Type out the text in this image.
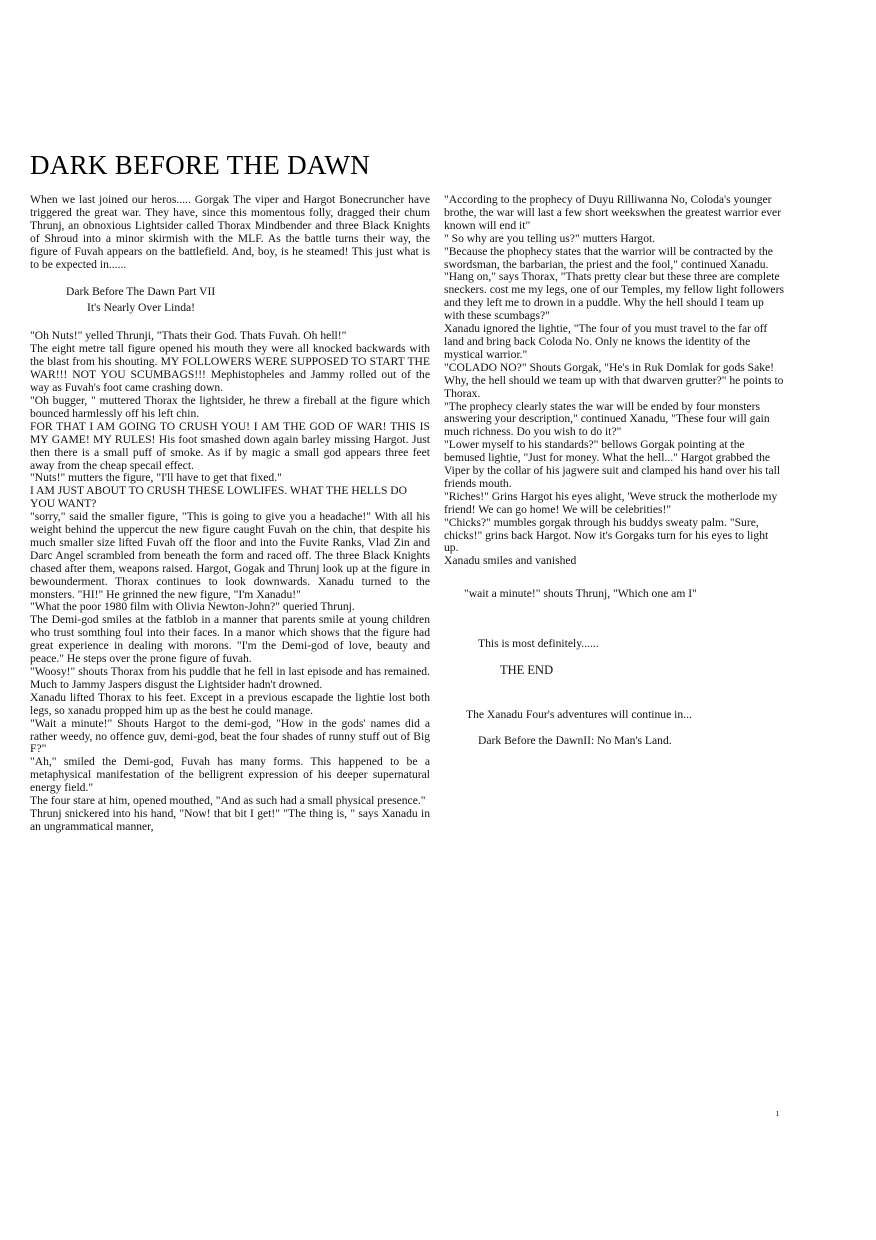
DARK BEFORE THE DAWN

When we last joined our heros..... Gorgak The viper and Hargot Bonecruncher have triggered the great war. They have, since this momentous folly, dragged their chum Thrunj, an obnoxious Lightsider called Thorax Mindbender and three Black Knights of Shroud into a minor skirmish with the MLF. As the battle turns their way, the figure of Fuvah appears on the battlefield. And, boy, is he steamed! This just what is to be expected in......

Dark Before The Dawn Part VII
It's Nearly Over Linda!

"Oh Nuts!" yelled Thrunji, "Thats their God. Thats Fuvah. Oh hell!"

The eight metre tall figure opened his mouth they were all knocked backwards with the blast from his shouting. MY FOLLOWERS WERE SUPPOSED TO START THE WAR!!! NOT YOU SCUMBAGS!!! Mephistopheles and Jammy rolled out of the way as Fuvah's foot came crashing down.

"Oh bugger, " muttered Thorax the lightsider, he threw a fireball at the figure which bounced harmlessly off his left chin.

FOR THAT I AM GOING TO CRUSH YOU! I AM THE GOD OF WAR! THIS IS MY GAME! MY RULES! His foot smashed down again barley missing Hargot. Just then there is a small puff of smoke. As if by magic a small god appears three feet away from the cheap specail effect.

"Nuts!" mutters the figure, "I'll have to get that fixed."

I AM JUST ABOUT TO CRUSH THESE LOWLIFES. WHAT THE HELLS DO YOU WANT?

"sorry," said the smaller figure, "This is going to give you a headache!" With all his weight behind the uppercut the new figure caught Fuvah on the chin, that despite his much smaller size lifted Fuvah off the floor and into the Fuvite Ranks, Vlad Zin and Darc Angel scrambled from beneath the form and raced off. The three Black Knights chased after them, weapons raised. Hargot, Gogak and Thrunj look up at the figure in bewounderment. Thorax continues to look downwards. Xanadu turned to the monsters. "HI!" He grinned the new figure, "I'm Xanadu!"

"What the poor 1980 film with Olivia Newton-John?" queried Thrunj.

The Demi-god smiles at the fatblob in a manner that parents smile at young children who trust somthing foul into their faces. In a manor which shows that the figure had great experience in dealing with morons. "I'm the Demi-god of love, beauty and peace." He steps over the prone figure of fuvah.

"Woosy!" shouts Thorax from his puddle that he fell in last episode and has remained. Much to Jammy Jaspers disgust the Lightsider hadn't drowned.

Xanadu lifted Thorax to his feet. Except in a previous escapade the lightie lost both legs, so xanadu propped him up as the best he could manage.

"Wait a minute!" Shouts Hargot to the demi-god, "How in the gods' names did a rather weedy, no offence guv, demi-god, beat the four shades of runny stuff out of Big F?"

"Ah," smiled the Demi-god, Fuvah has many forms. This happened to be a metaphysical manifestation of the belligrent expression of his deeper supernatural energy field."

The four stare at him, opened mouthed, "And as such had a small physical presence."

Thrunj snickered into his hand, "Now! that bit I get!" "The thing is, " says Xanadu in an ungrammatical manner,

"According to the prophecy of Duyu Rilliwanna No, Coloda's younger brothe, the war will last a few short weekswhen the greatest warrior ever known will end it"

" So why are you telling us?" mutters Hargot.

"Because the phophecy states that the warrior will be contracted by the swordsman, the barbarian, the priest and the fool," continued Xanadu.

"Hang on," says Thorax, "Thats pretty clear but these three are complete sneckers. cost me my legs, one of our Temples, my fellow light followers and they left me to drown in a puddle. Why the hell should I team up with these scumbags?"

Xanadu ignored the lightie, "The four of you must travel to the far off land and bring back Coloda No. Only ne knows the identity of the mystical warrior."

"COLADO NO?" Shouts Gorgak, "He's in Ruk Domlak for gods Sake! Why, the hell should we team up with that dwarven grutter?" he points to Thorax.

"The prophecy clearly states the war will be ended by four monsters answering your description," continued Xanadu, "These four will gain much richness. Do you wish to do it?"

"Lower myself to his standards?" bellows Gorgak pointing at the bemused lightie, "Just for money. What the hell..." Hargot grabbed the Viper by the collar of his jagwere suit and clamped his hand over his tall friends mouth.

"Riches!" Grins Hargot his eyes alight, 'Weve struck the motherlode my friend! We can go home! We will be celebrities!"

"Chicks?" mumbles gorgak through his buddys sweaty palm. "Sure, chicks!" grins back Hargot. Now it's Gorgaks turn for his eyes to light up.

Xanadu smiles and vanished

"wait a minute!" shouts Thrunj, "Which one am I"

This is most definitely......

THE END

The Xanadu Four's adventures will continue in...

Dark Before the DawnII: No Man's Land.

ı
